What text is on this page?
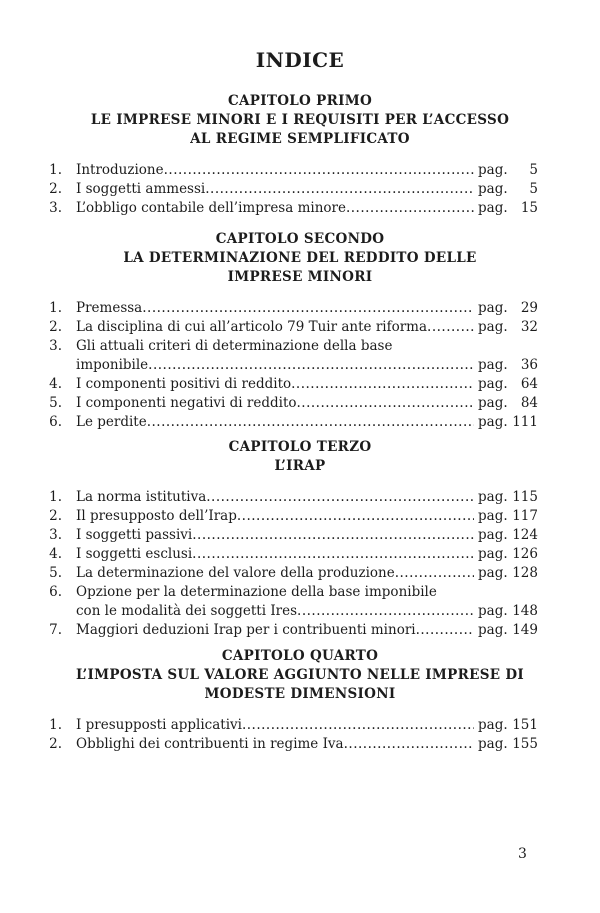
INDICE
CAPITOLO PRIMO
LE IMPRESE MINORI E I REQUISITI PER L’ACCESSO
AL REGIME SEMPLIFICATO
1. Introduzione .....	pag.	5
2. I soggetti ammessi .....	pag.	5
3. L’obbligo contabile dell’impresa minore .....	pag. 15
CAPITOLO SECONDO
LA DETERMINAZIONE DEL REDDITO DELLE
IMPRESE MINORI
1. Premessa .....	pag. 29
2. La disciplina di cui all’articolo 79 Tuir ante riforma .....	pag. 32
3. Gli attuali criteri di determinazione della base
imponibile .....	pag. 36
4. I componenti positivi di reddito .....	pag. 64
5. I componenti negativi di reddito .....	pag. 84
6. Le perdite .....	pag. 111
CAPITOLO TERZO
L’IRAP
1. La norma istitutiva .....	pag. 115
2. Il presupposto dell’Irap .....	pag. 117
3. I soggetti passivi .....	pag. 124
4. I soggetti esclusi .....	pag. 126
5. La determinazione del valore della produzione .....	pag. 128
6. Opzione per la determinazione della base imponibile
con le modalità dei soggetti Ires .....	pag. 148
7. Maggiori deduzioni Irap per i contribuenti minori .....	pag. 149
CAPITOLO QUARTO
L’IMPOSTA SUL VALORE AGGIUNTO NELLE IMPRESE DI
MODESTE DIMENSIONI
1. I presupposti applicativi .....	pag. 151
2. Obblighi dei contribuenti in regime Iva .....	pag. 155
3
